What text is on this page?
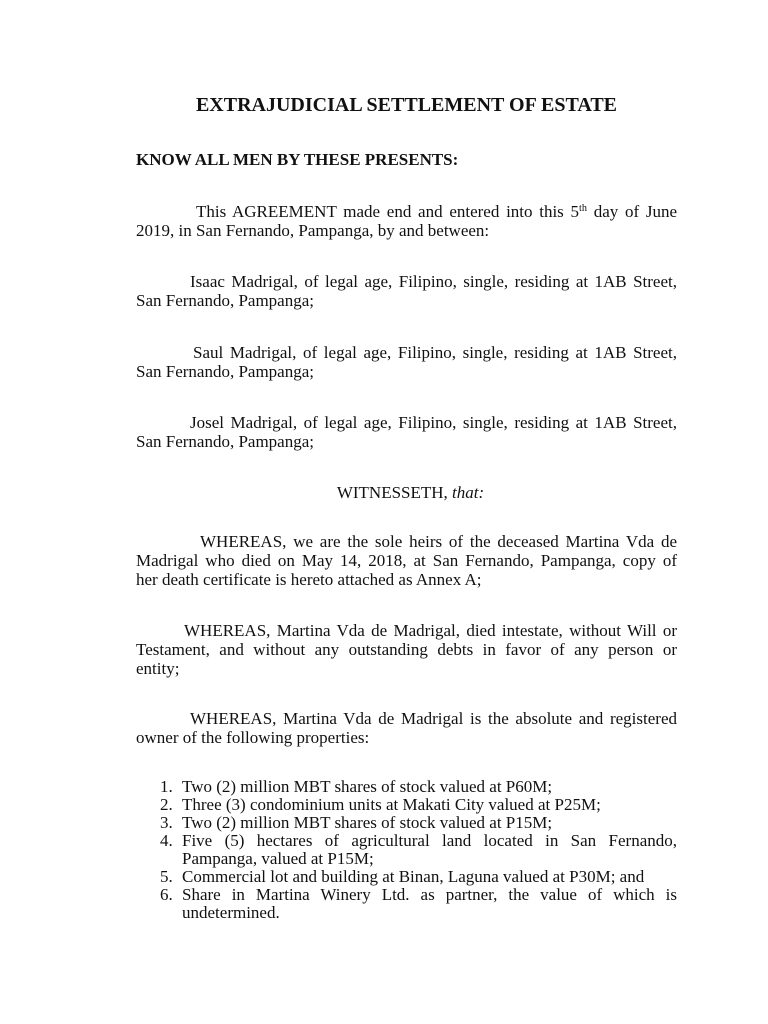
EXTRAJUDICIAL SETTLEMENT OF ESTATE
KNOW ALL MEN BY THESE PRESENTS:
This AGREEMENT made end and entered into this 5th day of June
2019, in San Fernando, Pampanga, by and between:
Isaac Madrigal, of legal age, Filipino, single, residing at 1AB Street,
San Fernando, Pampanga;
Saul Madrigal, of legal age, Filipino, single, residing at 1AB Street,
San Fernando, Pampanga;
Josel Madrigal, of legal age, Filipino, single, residing at 1AB Street,
San Fernando, Pampanga;
WITNESSETH, that:
WHEREAS, we are the sole heirs of the deceased Martina Vda de
Madrigal who died on May 14, 2018, at San Fernando, Pampanga, copy of
her death certificate is hereto attached as Annex A;
WHEREAS, Martina Vda de Madrigal, died intestate, without Will or
Testament, and without any outstanding debts in favor of any person or
entity;
WHEREAS, Martina Vda de Madrigal is the absolute and registered
owner of the following properties:
1. Two (2) million MBT shares of stock valued at P60M;
2. Three (3) condominium units at Makati City valued at P25M;
3. Two (2) million MBT shares of stock valued at P15M;
4. Five (5) hectares of agricultural land located in San Fernando,
Pampanga, valued at P15M;
5. Commercial lot and building at Binan, Laguna valued at P30M; and
6. Share in Martina Winery Ltd. as partner, the value of which is
undetermined.
